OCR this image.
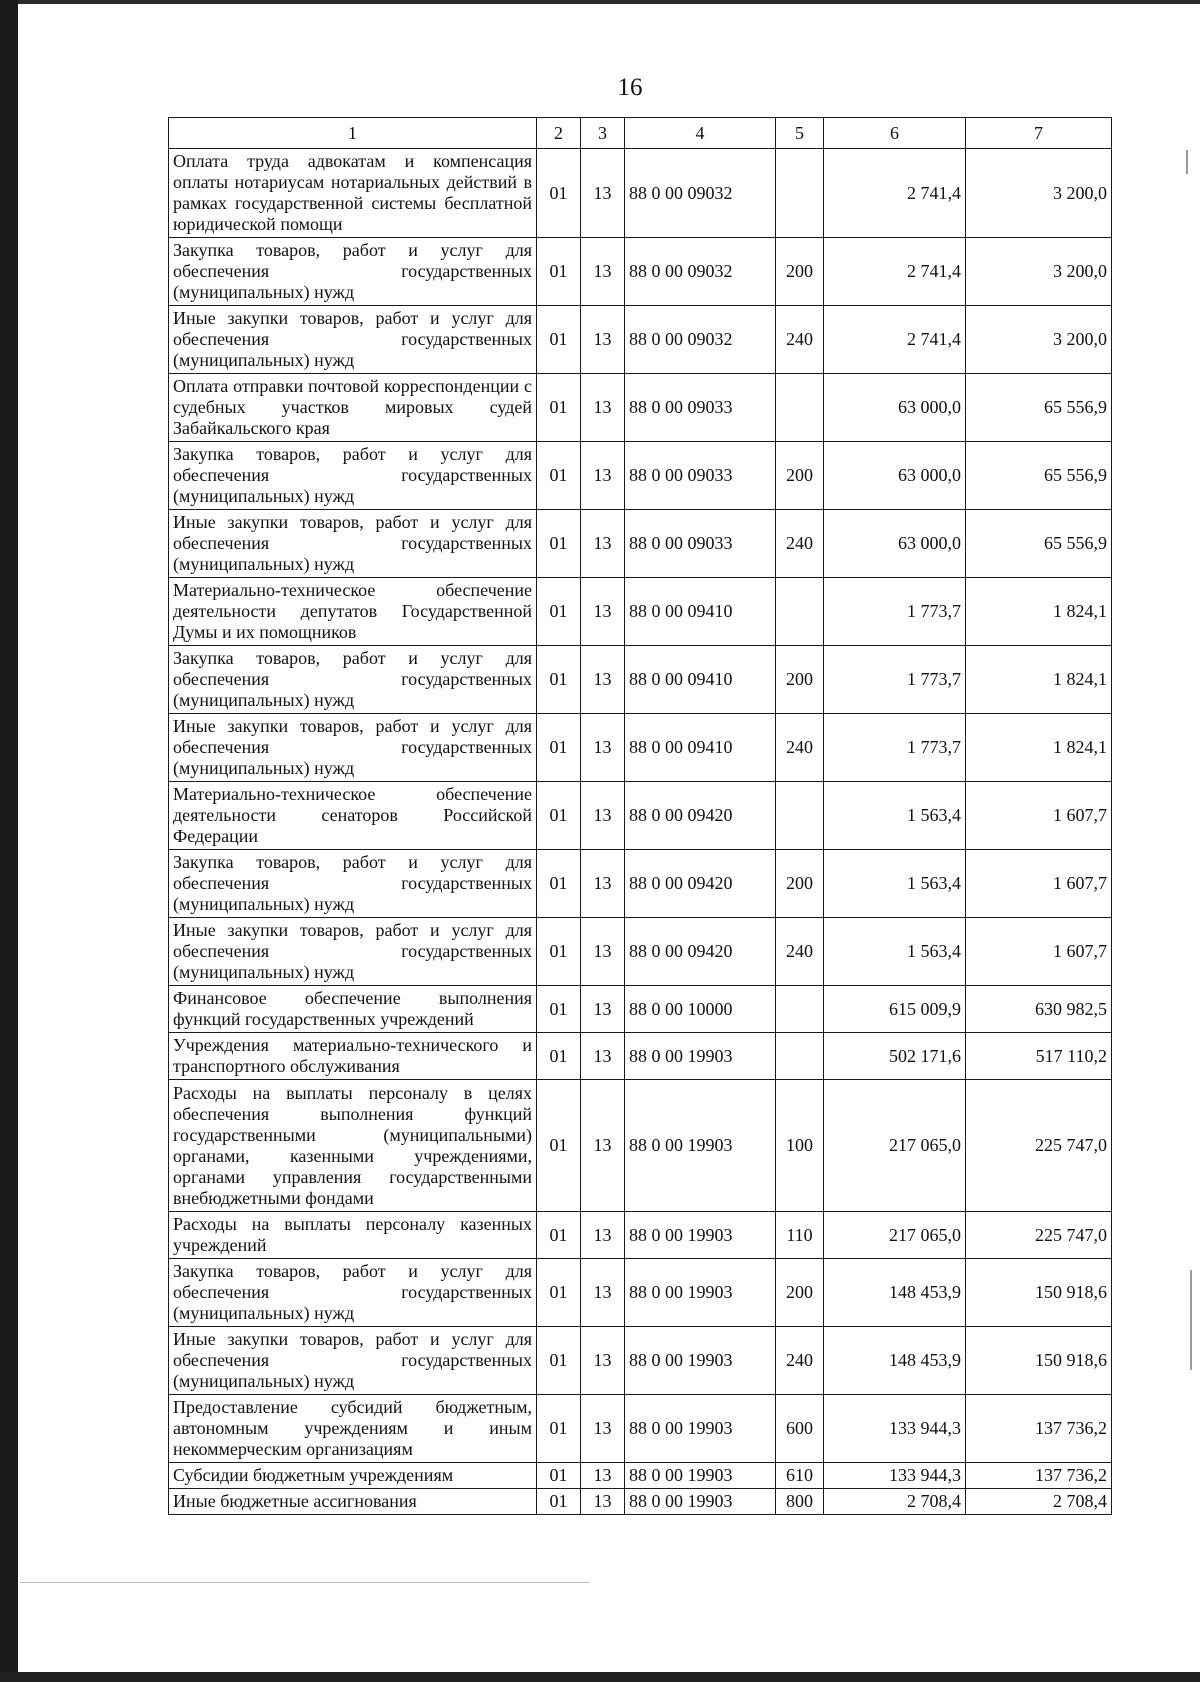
16
1	2	3	4	5	6	7
Оплата труда адвокатам и компенсация оплаты нотариусам нотариальных действий в рамках государственной системы бесплатной юридической помощи	01	13	88 0 00 09032		2 741,4	3 200,0
Закупка товаров, работ и услуг для обеспечения государственных (муниципальных) нужд	01	13	88 0 00 09032	200	2 741,4	3 200,0
Иные закупки товаров, работ и услуг для обеспечения государственных (муниципальных) нужд	01	13	88 0 00 09032	240	2 741,4	3 200,0
Оплата отправки почтовой корреспонденции с судебных участков мировых судей Забайкальского края	01	13	88 0 00 09033		63 000,0	65 556,9
Закупка товаров, работ и услуг для обеспечения государственных (муниципальных) нужд	01	13	88 0 00 09033	200	63 000,0	65 556,9
Иные закупки товаров, работ и услуг для обеспечения государственных (муниципальных) нужд	01	13	88 0 00 09033	240	63 000,0	65 556,9
Материально-техническое обеспечение деятельности депутатов Государственной Думы и их помощников	01	13	88 0 00 09410		1 773,7	1 824,1
Закупка товаров, работ и услуг для обеспечения государственных (муниципальных) нужд	01	13	88 0 00 09410	200	1 773,7	1 824,1
Иные закупки товаров, работ и услуг для обеспечения государственных (муниципальных) нужд	01	13	88 0 00 09410	240	1 773,7	1 824,1
Материально-техническое обеспечение деятельности сенаторов Российской Федерации	01	13	88 0 00 09420		1 563,4	1 607,7
Закупка товаров, работ и услуг для обеспечения государственных (муниципальных) нужд	01	13	88 0 00 09420	200	1 563,4	1 607,7
Иные закупки товаров, работ и услуг для обеспечения государственных (муниципальных) нужд	01	13	88 0 00 09420	240	1 563,4	1 607,7
Финансовое обеспечение выполнения функций государственных учреждений	01	13	88 0 00 10000		615 009,9	630 982,5
Учреждения материально-технического и транспортного обслуживания	01	13	88 0 00 19903		502 171,6	517 110,2
Расходы на выплаты персоналу в целях обеспечения выполнения функций государственными (муниципальными) органами, казенными учреждениями, органами управления государственными внебюджетными фондами	01	13	88 0 00 19903	100	217 065,0	225 747,0
Расходы на выплаты персоналу казенных учреждений	01	13	88 0 00 19903	110	217 065,0	225 747,0
Закупка товаров, работ и услуг для обеспечения государственных (муниципальных) нужд	01	13	88 0 00 19903	200	148 453,9	150 918,6
Иные закупки товаров, работ и услуг для обеспечения государственных (муниципальных) нужд	01	13	88 0 00 19903	240	148 453,9	150 918,6
Предоставление субсидий бюджетным, автономным учреждениям и иным некоммерческим организациям	01	13	88 0 00 19903	600	133 944,3	137 736,2
Субсидии бюджетным учреждениям	01	13	88 0 00 19903	610	133 944,3	137 736,2
Иные бюджетные ассигнования	01	13	88 0 00 19903	800	2 708,4	2 708,4
